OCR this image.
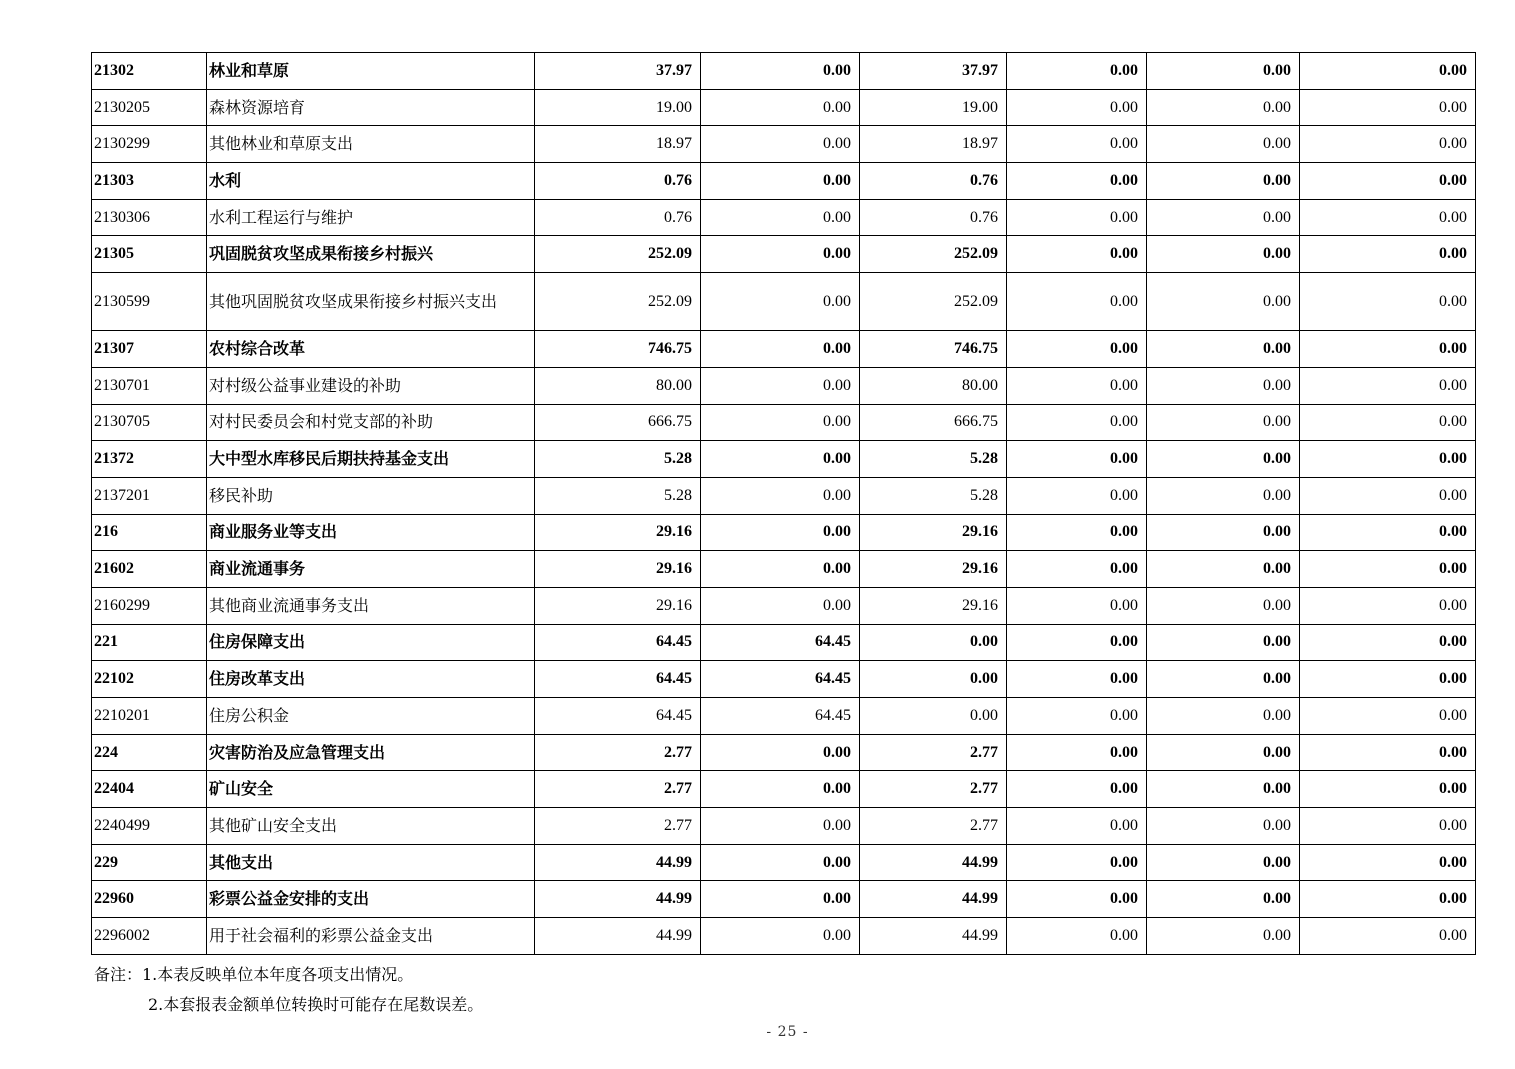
21302	林业和草原	37.97	0.00	37.97	0.00	0.00	0.00
2130205	森林资源培育	19.00	0.00	19.00	0.00	0.00	0.00
2130299	其他林业和草原支出	18.97	0.00	18.97	0.00	0.00	0.00
21303	水利	0.76	0.00	0.76	0.00	0.00	0.00
2130306	水利工程运行与维护	0.76	0.00	0.76	0.00	0.00	0.00
21305	巩固脱贫攻坚成果衔接乡村振兴	252.09	0.00	252.09	0.00	0.00	0.00
2130599	其他巩固脱贫攻坚成果衔接乡村振兴支出	252.09	0.00	252.09	0.00	0.00	0.00
21307	农村综合改革	746.75	0.00	746.75	0.00	0.00	0.00
2130701	对村级公益事业建设的补助	80.00	0.00	80.00	0.00	0.00	0.00
2130705	对村民委员会和村党支部的补助	666.75	0.00	666.75	0.00	0.00	0.00
21372	大中型水库移民后期扶持基金支出	5.28	0.00	5.28	0.00	0.00	0.00
2137201	移民补助	5.28	0.00	5.28	0.00	0.00	0.00
216	商业服务业等支出	29.16	0.00	29.16	0.00	0.00	0.00
21602	商业流通事务	29.16	0.00	29.16	0.00	0.00	0.00
2160299	其他商业流通事务支出	29.16	0.00	29.16	0.00	0.00	0.00
221	住房保障支出	64.45	64.45	0.00	0.00	0.00	0.00
22102	住房改革支出	64.45	64.45	0.00	0.00	0.00	0.00
2210201	住房公积金	64.45	64.45	0.00	0.00	0.00	0.00
224	灾害防治及应急管理支出	2.77	0.00	2.77	0.00	0.00	0.00
22404	矿山安全	2.77	0.00	2.77	0.00	0.00	0.00
2240499	其他矿山安全支出	2.77	0.00	2.77	0.00	0.00	0.00
229	其他支出	44.99	0.00	44.99	0.00	0.00	0.00
22960	彩票公益金安排的支出	44.99	0.00	44.99	0.00	0.00	0.00
2296002	用于社会福利的彩票公益金支出	44.99	0.00	44.99	0.00	0.00	0.00
备注：1.本表反映单位本年度各项支出情况。
2.本套报表金额单位转换时可能存在尾数误差。
- 25 -
